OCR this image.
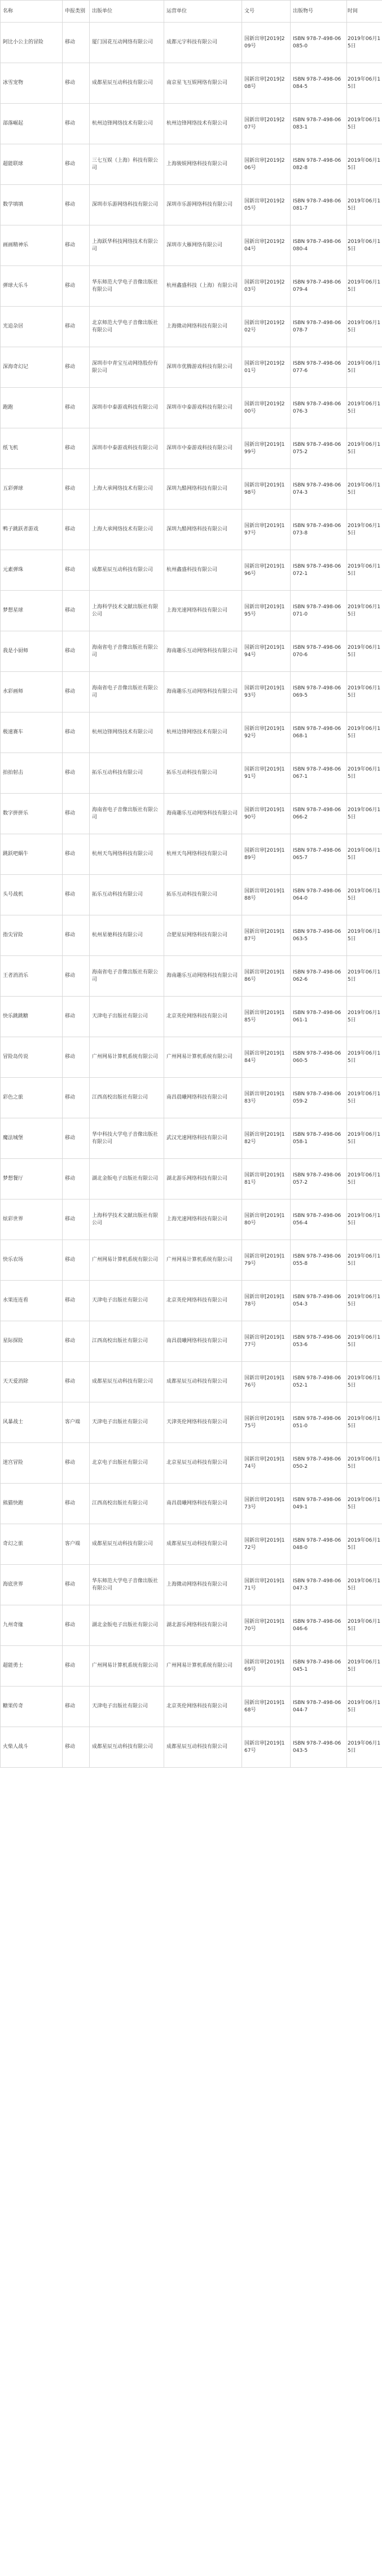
名称	申报类别	出版单位	运营单位	文号	出版物号	时间
阿比小公主的冒险	移动	厦门国花互动网络有限公司	成都元宇科技有限公司	国新出审[2019]209号	ISBN 978-7-498-06085-0	2019年06月15日
冰雪宠物	移动	成都星辰互动科技有限公司	南京星飞互娱网络有限公司	国新出审[2019]208号	ISBN 978-7-498-06084-5	2019年06月15日
部落崛起	移动	杭州边锋网络技术有限公司	杭州边锋网络技术有限公司	国新出审[2019]207号	ISBN 978-7-498-06083-1	2019年06月15日
超能联球	移动	三七互娱（上海）科技有限公司	上海骏娱网络科技有限公司	国新出审[2019]206号	ISBN 978-7-498-06082-8	2019年06月15日
数学填填	移动	深圳市乐游网络科技有限公司	深圳市乐游网络科技有限公司	国新出审[2019]205号	ISBN 978-7-498-06081-7	2019年06月15日
画画精神乐	移动	上海跃华科技网络技术有限公司	深圳市大雁网络有限公司	国新出审[2019]204号	ISBN 978-7-498-06080-4	2019年06月15日
弹球大乐斗	移动	华东师范大学电子音像出版社有限公司	杭州鑫盛科技（上海）有限公司	国新出审[2019]203号	ISBN 978-7-498-06079-4	2019年06月15日
光追杂居	移动	北京师范大学电子音像出版社有限公司	上海微动网络科技有限公司	国新出审[2019]202号	ISBN 978-7-498-06078-7	2019年06月15日
深海奇幻记	移动	深圳市中青宝互动网络股份有限公司	深圳市优腾游戏科技有限公司	国新出审[2019]201号	ISBN 978-7-498-06077-6	2019年06月15日
跑跑	移动	深圳市中泰游戏科技有限公司	深圳市中泰游戏科技有限公司	国新出审[2019]200号	ISBN 978-7-498-06076-3	2019年06月15日
纸飞机	移动	深圳市中泰游戏科技有限公司	深圳市中泰游戏科技有限公司	国新出审[2019]199号	ISBN 978-7-498-06075-2	2019年06月15日
五彩弹球	移动	上海大承网络技术有限公司	深圳九酷网络科技有限公司	国新出审[2019]198号	ISBN 978-7-498-06074-3	2019年06月15日
鸭子跳跃者游戏	移动	上海大承网络技术有限公司	深圳九酷网络科技有限公司	国新出审[2019]197号	ISBN 978-7-498-06073-8	2019年06月15日
元素弹珠	移动	成都星辰互动科技有限公司	杭州鑫盛科技有限公司	国新出审[2019]196号	ISBN 978-7-498-06072-1	2019年06月15日
梦想星球	移动	上海科学技术文献出版社有限公司	上海光速网络科技有限公司	国新出审[2019]195号	ISBN 978-7-498-06071-0	2019年06月15日
我是小厨师	移动	海南省电子音像出版社有限公司	海南趣乐互动网络科技有限公司	国新出审[2019]194号	ISBN 978-7-498-06070-6	2019年06月15日
水彩画师	移动	海南省电子音像出版社有限公司	海南趣乐互动网络科技有限公司	国新出审[2019]193号	ISBN 978-7-498-06069-5	2019年06月15日
极速赛车	移动	杭州边锋网络技术有限公司	杭州边锋网络技术有限公司	国新出审[2019]192号	ISBN 978-7-498-06068-1	2019年06月15日
拍拍射击	移动	拓乐互动科技有限公司	拓乐互动科技有限公司	国新出审[2019]191号	ISBN 978-7-498-06067-1	2019年06月15日
数字拼拼乐	移动	海南省电子音像出版社有限公司	海南趣乐互动网络科技有限公司	国新出审[2019]190号	ISBN 978-7-498-06066-2	2019年06月15日
跳跃吧蜗牛	移动	杭州天鸟网络科技有限公司	杭州天鸟网络科技有限公司	国新出审[2019]189号	ISBN 978-7-498-06065-7	2019年06月15日
头号战机	移动	拓乐互动科技有限公司	拓乐互动科技有限公司	国新出审[2019]188号	ISBN 978-7-498-06064-0	2019年06月15日
指尖冒险	移动	杭州星驰科技有限公司	合肥星辰网络科技有限公司	国新出审[2019]187号	ISBN 978-7-498-06063-5	2019年06月15日
王者消消乐	移动	海南省电子音像出版社有限公司	海南趣乐互动网络科技有限公司	国新出审[2019]186号	ISBN 978-7-498-06062-6	2019年06月15日
快乐跳跳糖	移动	天津电子出版社有限公司	北京英伦网络科技有限公司	国新出审[2019]185号	ISBN 978-7-498-06061-1	2019年06月15日
冒险岛传说	移动	广州网易计算机系统有限公司	广州网易计算机系统有限公司	国新出审[2019]184号	ISBN 978-7-498-06060-5	2019年06月15日
彩色之旅	移动	江西高校出版社有限公司	南昌晨曦网络科技有限公司	国新出审[2019]183号	ISBN 978-7-498-06059-2	2019年06月15日
魔法城堡	移动	华中科技大学电子音像出版社有限公司	武汉光速网络科技有限公司	国新出审[2019]182号	ISBN 978-7-498-06058-1	2019年06月15日
梦想餐厅	移动	湖北金版电子出版社有限公司	湖北游乐网络科技有限公司	国新出审[2019]181号	ISBN 978-7-498-06057-2	2019年06月15日
炫彩世界	移动	上海科学技术文献出版社有限公司	上海光速网络科技有限公司	国新出审[2019]180号	ISBN 978-7-498-06056-4	2019年06月15日
快乐农场	移动	广州网易计算机系统有限公司	广州网易计算机系统有限公司	国新出审[2019]179号	ISBN 978-7-498-06055-8	2019年06月15日
水果连连看	移动	天津电子出版社有限公司	北京英伦网络科技有限公司	国新出审[2019]178号	ISBN 978-7-498-06054-3	2019年06月15日
星际探险	移动	江西高校出版社有限公司	南昌晨曦网络科技有限公司	国新出审[2019]177号	ISBN 978-7-498-06053-6	2019年06月15日
天天爱消除	移动	成都星辰互动科技有限公司	成都星辰互动科技有限公司	国新出审[2019]176号	ISBN 978-7-498-06052-1	2019年06月15日
风暴战士	客户端	天津电子出版社有限公司	天津英伦网络科技有限公司	国新出审[2019]175号	ISBN 978-7-498-06051-0	2019年06月15日
迷宫冒险	移动	北京电子出版社有限公司	北京星辰互动科技有限公司	国新出审[2019]174号	ISBN 978-7-498-06050-2	2019年06月15日
熊猫快跑	移动	江西高校出版社有限公司	南昌晨曦网络科技有限公司	国新出审[2019]173号	ISBN 978-7-498-06049-1	2019年06月15日
奇幻之旅	客户端	成都星辰互动科技有限公司	成都星辰互动科技有限公司	国新出审[2019]172号	ISBN 978-7-498-06048-0	2019年06月15日
海底世界	移动	华东师范大学电子音像出版社有限公司	上海微动网络科技有限公司	国新出审[2019]171号	ISBN 978-7-498-06047-3	2019年06月15日
九州奇缘	移动	湖北金版电子出版社有限公司	湖北游乐网络科技有限公司	国新出审[2019]170号	ISBN 978-7-498-06046-6	2019年06月15日
超能勇士	移动	广州网易计算机系统有限公司	广州网易计算机系统有限公司	国新出审[2019]169号	ISBN 978-7-498-06045-1	2019年06月15日
糖果传奇	移动	天津电子出版社有限公司	北京英伦网络科技有限公司	国新出审[2019]168号	ISBN 978-7-498-06044-7	2019年06月15日
火柴人战斗	移动	成都星辰互动科技有限公司	成都星辰互动科技有限公司	国新出审[2019]167号	ISBN 978-7-498-06043-5	2019年06月15日
